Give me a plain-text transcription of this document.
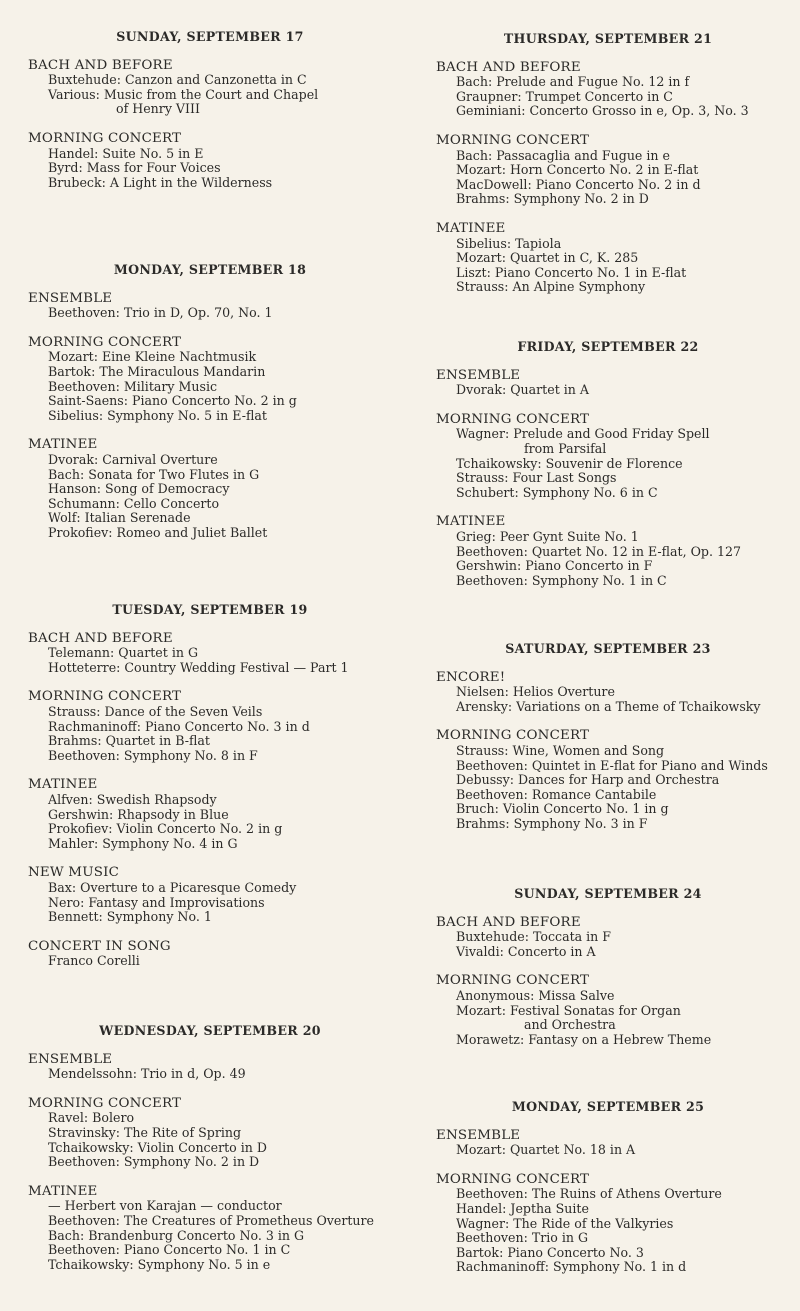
SUNDAY, SEPTEMBER 17
BACH AND BEFORE
Buxtehude : Canzon and Canzonetta in C
Various : Music from the Court and Chapel
of Henry VIII
MORNING CONCERT
Handel : Suite No. 5 in E
Byrd : Mass for Four Voices
Brubeck : A Light in the Wilderness
MONDAY, SEPTEMBER 18
ENSEMBLE
Beethoven : Trio in D, Op. 70, No. 1
MORNING CONCERT
Mozart : Eine Kleine Nachtmusik
Bartok : The Miraculous Mandarin
Beethoven : Military Music
Saint-Saens : Piano Concerto No. 2 in g
Sibelius : Symphony No. 5 in E-flat
MATINEE
Dvorak : Carnival Overture
Bach : Sonata for Two Flutes in G
Hanson : Song of Democracy
Schumann : Cello Concerto
Wolf : Italian Serenade
Prokofiev : Romeo and Juliet Ballet
TUESDAY, SEPTEMBER 19
BACH AND BEFORE
Telemann : Quartet in G
Hotteterre : Country Wedding Festival — Part 1
MORNING CONCERT
Strauss : Dance of the Seven Veils
Rachmaninoff : Piano Concerto No. 3 in d
Brahms : Quartet in B-flat
Beethoven : Symphony No. 8 in F
MATINEE
Alfven : Swedish Rhapsody
Gershwin : Rhapsody in Blue
Prokofiev : Violin Concerto No. 2 in g
Mahler : Symphony No. 4 in G
NEW MUSIC
Bax : Overture to a Picaresque Comedy
Nero : Fantasy and Improvisations
Bennett : Symphony No. 1
CONCERT IN SONG
Franco Corelli
WEDNESDAY, SEPTEMBER 20
ENSEMBLE
Mendelssohn : Trio in d, Op. 49
MORNING CONCERT
Ravel : Bolero
Stravinsky : The Rite of Spring
Tchaikowsky : Violin Concerto in D
Beethoven : Symphony No. 2 in D
MATINEE
— Herbert von Karajan — conductor
Beethoven : The Creatures of Prometheus Overture
Bach : Brandenburg Concerto No. 3 in G
Beethoven : Piano Concerto No. 1 in C
Tchaikowsky : Symphony No. 5 in e
THURSDAY, SEPTEMBER 21
BACH AND BEFORE
Bach : Prelude and Fugue No. 12 in f
Graupner : Trumpet Concerto in C
Geminiani : Concerto Grosso in e, Op. 3, No. 3
MORNING CONCERT
Bach : Passacaglia and Fugue in e
Mozart : Horn Concerto No. 2 in E-flat
MacDowell : Piano Concerto No. 2 in d
Brahms : Symphony No. 2 in D
MATINEE
Sibelius : Tapiola
Mozart : Quartet in C, K. 285
Liszt : Piano Concerto No. 1 in E-flat
Strauss : An Alpine Symphony
FRIDAY, SEPTEMBER 22
ENSEMBLE
Dvorak : Quartet in A
MORNING CONCERT
Wagner : Prelude and Good Friday Spell
from Parsifal
Tchaikowsky : Souvenir de Florence
Strauss : Four Last Songs
Schubert : Symphony No. 6 in C
MATINEE
Grieg : Peer Gynt Suite No. 1
Beethoven : Quartet No. 12 in E-flat, Op. 127
Gershwin : Piano Concerto in F
Beethoven : Symphony No. 1 in C
SATURDAY, SEPTEMBER 23
ENCORE!
Nielsen : Helios Overture
Arensky : Variations on a Theme of Tchaikowsky
MORNING CONCERT
Strauss : Wine, Women and Song
Beethoven : Quintet in E-flat for Piano and Winds
Debussy : Dances for Harp and Orchestra
Beethoven : Romance Cantabile
Bruch : Violin Concerto No. 1 in g
Brahms : Symphony No. 3 in F
SUNDAY, SEPTEMBER 24
BACH AND BEFORE
Buxtehude : Toccata in F
Vivaldi : Concerto in A
MORNING CONCERT
Anonymous : Missa Salve
Mozart : Festival Sonatas for Organ
and Orchestra
Morawetz : Fantasy on a Hebrew Theme
MONDAY, SEPTEMBER 25
ENSEMBLE
Mozart : Quartet No. 18 in A
MORNING CONCERT
Beethoven : The Ruins of Athens Overture
Handel : Jeptha Suite
Wagner : The Ride of the Valkyries
Beethoven : Trio in G
Bartok : Piano Concerto No. 3
Rachmaninoff : Symphony No. 1 in d
